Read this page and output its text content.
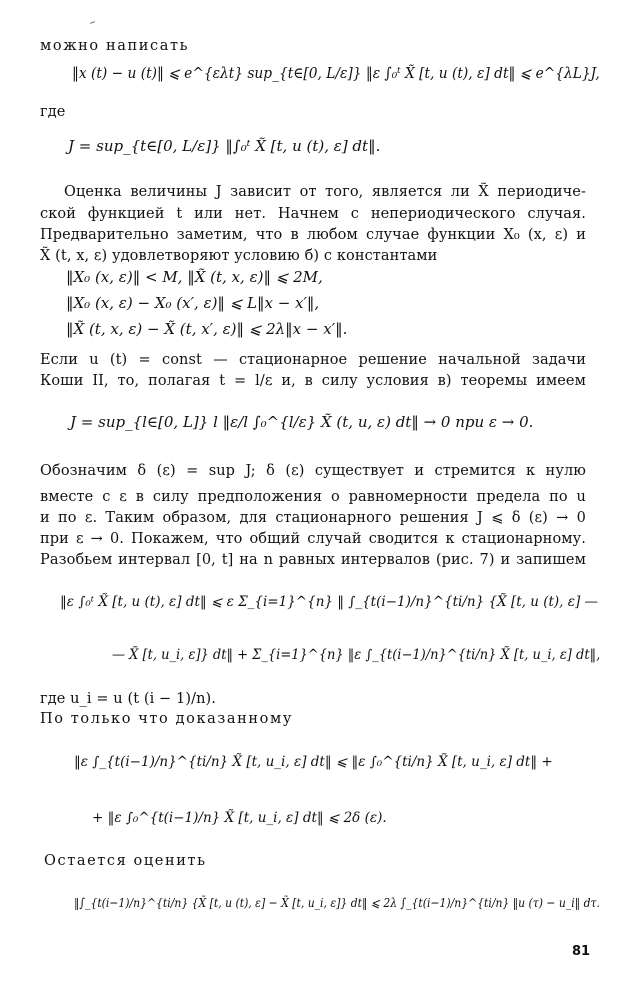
можно написать
‖x (t) − u (t)‖ ⩽ e^{ελt} sup_{t∈[0, L/ε]} ‖ε ∫₀ᵗ X̃ [t, u (t), ε] dt‖ ⩽ e^{λL}J,
где
J = sup_{t∈[0, L/ε]} ‖∫₀ᵗ X̃ [t, u (t), ε] dt‖.
Оценка величины J зависит от того, является ли X̃ периодиче-
ской функцией t или нет. Начнем с непериодического случая.
Предварительно заметим, что в любом случае функции X₀ (x, ε) и
X̃ (t, x, ε) удовлетворяют условию б) с константами
‖X₀ (x, ε)‖ < M, ‖X̃ (t, x, ε)‖ ⩽ 2M,
‖X₀ (x, ε) − X₀ (x′, ε)‖ ⩽ L‖x − x′‖,
‖X̃ (t, x, ε) − X̃ (t, x′, ε)‖ ⩽ 2λ‖x − x′‖.
Если u (t) = const — стационарное решение начальной задачи
Коши II, то, полагая t = l/ε и, в силу условия в) теоремы имеем
J = sup_{l∈[0, L]} l ‖ε/l ∫₀^{l/ε} X̃ (t, u, ε) dt‖ → 0 при ε → 0.
Обозначим δ (ε) = sup J; δ (ε) существует и стремится к нулю
вместе с ε в силу предположения о равномерности предела по u
и по ε. Таким образом, для стационарного решения J ⩽ δ (ε) → 0
при ε → 0. Покажем, что общий случай сводится к стационарному.
Разобьем интервал [0, t] на n равных интервалов (рис. 7) и запишем
‖ε ∫₀ᵗ X̃ [t, u (t), ε] dt‖ ⩽ ε Σ_{i=1}^{n} ‖ ∫_{t(i−1)/n}^{ti/n} {X̃ [t, u (t), ε] —
— X̃ [t, u_i, ε]} dt‖ + Σ_{i=1}^{n} ‖ε ∫_{t(i−1)/n}^{ti/n} X̃ [t, u_i, ε] dt‖,
где u_i = u (t (i − 1)/n).
По только что доказанному
‖ε ∫_{t(i−1)/n}^{ti/n} X̃ [t, u_i, ε] dt‖ ⩽ ‖ε ∫₀^{ti/n} X̃ [t, u_i, ε] dt‖ +
+ ‖ε ∫₀^{t(i−1)/n} X̃ [t, u_i, ε] dt‖ ⩽ 2δ (ε).
Остается оценить
‖∫_{t(i−1)/n}^{ti/n} {X̃ [t, u (t), ε] − X̃ [t, u_i, ε]} dt‖ ⩽ 2λ ∫_{t(i−1)/n}^{ti/n} ‖u (τ) − u_i‖ dτ.
81
